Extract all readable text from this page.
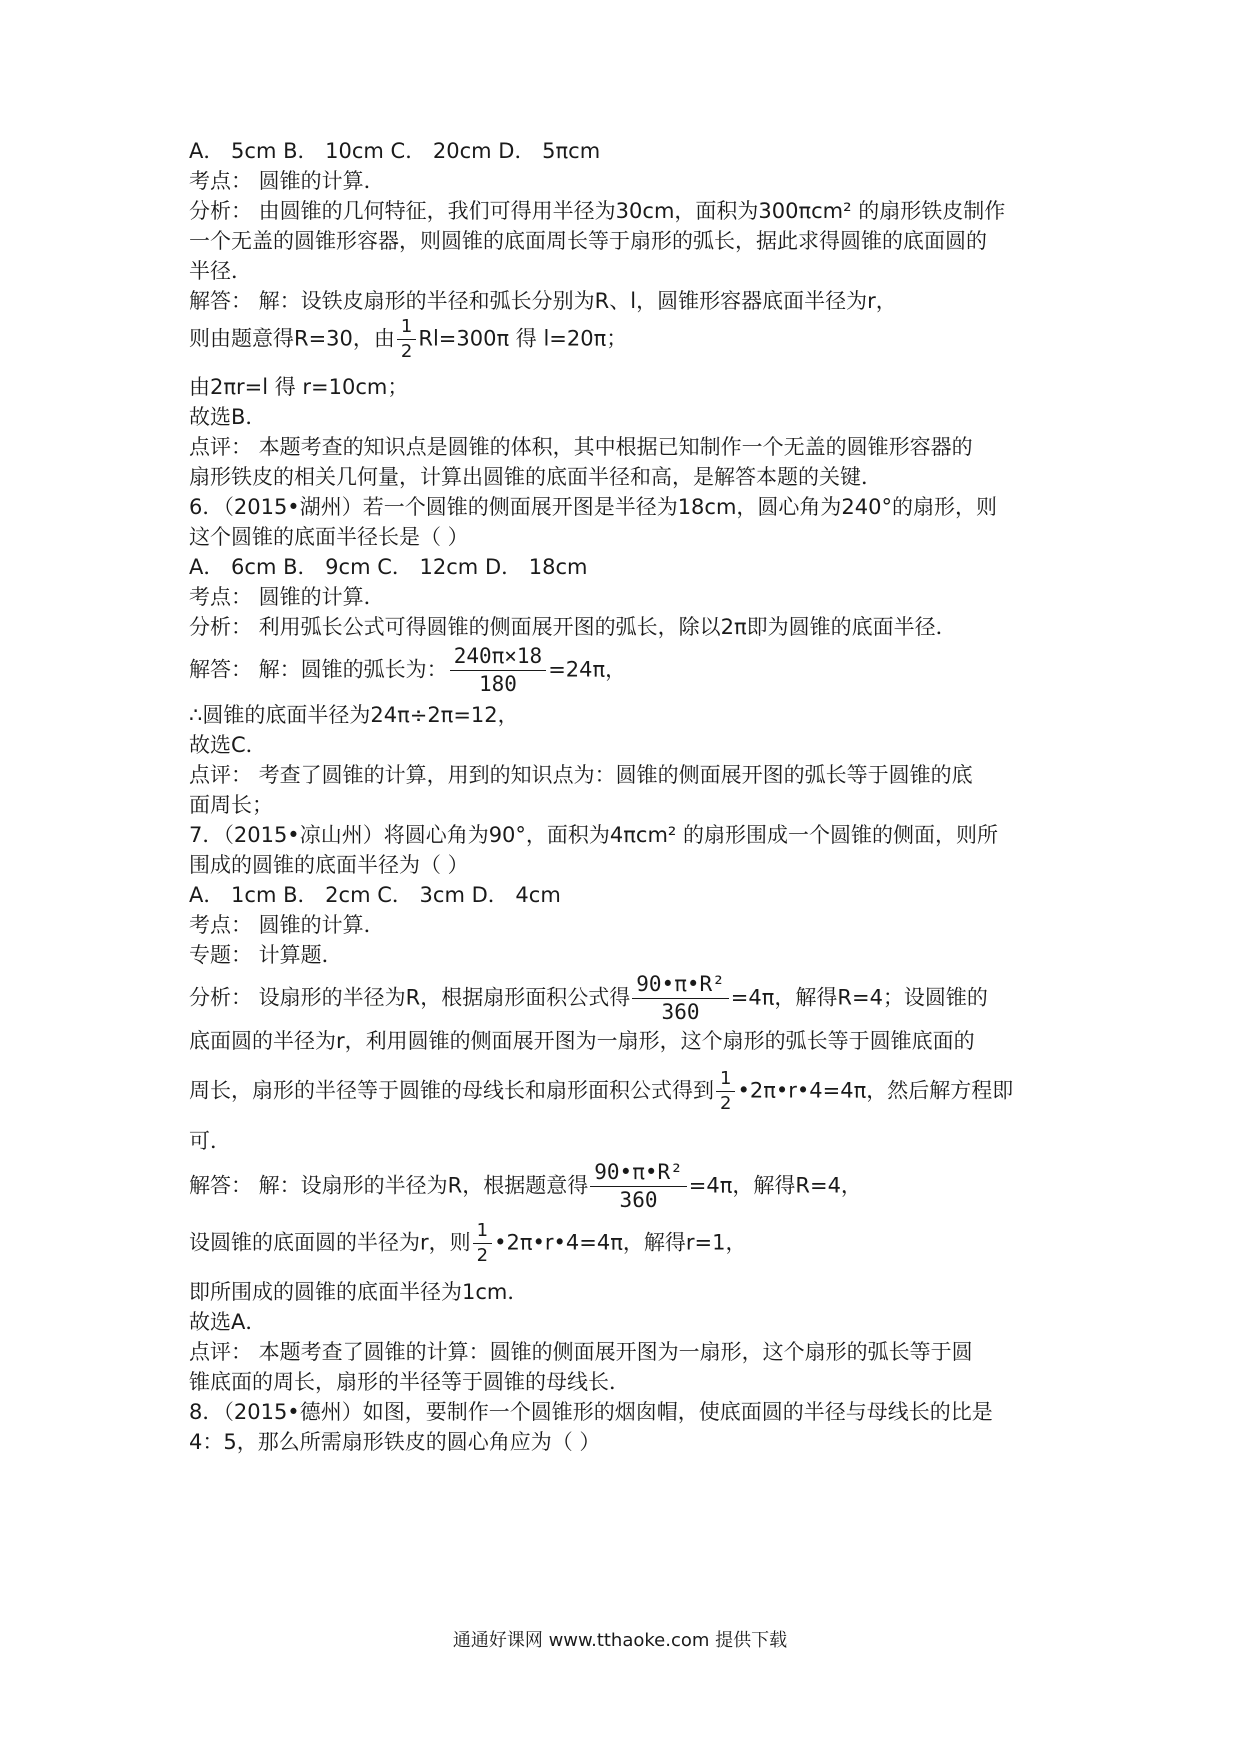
A． 5cm B． 10cm C． 20cm D． 5πcm
考点： 圆锥的计算．
分析： 由圆锥的几何特征，我们可得用半径为30cm，面积为300πcm² 的扇形铁皮制作
一个无盖的圆锥形容器，则圆锥的底面周长等于扇形的弧长，据此求得圆锥的底面圆的
半径．
解答： 解：设铁皮扇形的半径和弧长分别为R、l，圆锥形容器底面半径为r，
则由题意得R=30，由 $\frac{1}{2} Rl=300\pi$ 得 l=20π；
由2πr=l 得 r=10cm；
故选B．
点评： 本题考查的知识点是圆锥的体积，其中根据已知制作一个无盖的圆锥形容器的
扇形铁皮的相关几何量，计算出圆锥的底面半径和高，是解答本题的关键．
6．（2015•湖州）若一个圆锥的侧面展开图是半径为18cm，圆心角为240°的扇形，则
这个圆锥的底面半径长是（ ）
A． 6cm B． 9cm C． 12cm D． 18cm
考点： 圆锥的计算．
分析： 利用弧长公式可得圆锥的侧面展开图的弧长，除以2π即为圆锥的底面半径．
解答： 解：圆锥的弧长为： $\frac{240\pi\times 18}{180} =24\pi$，
∴圆锥的底面半径为24π÷2π=12，
故选C．
点评： 考查了圆锥的计算，用到的知识点为：圆锥的侧面展开图的弧长等于圆锥的底
面周长；
7．（2015•凉山州）将圆心角为90°，面积为4πcm² 的扇形围成一个圆锥的侧面，则所
围成的圆锥的底面半径为（ ）
A． 1cm B． 2cm C． 3cm D． 4cm
考点： 圆锥的计算．
专题： 计算题．
分析： 设扇形的半径为R，根据扇形面积公式得 $\frac{\text{90•π•R²}}{360} =4\pi$，解得R=4；设圆锥的
底面圆的半径为r，利用圆锥的侧面展开图为一扇形，这个扇形的弧长等于圆锥底面的
周长，扇形的半径等于圆锥的母线长和扇形面积公式得到 $\frac{1}{2}$ •2π•r•4=4π，然后解方程即
可．
解答： 解：设扇形的半径为R，根据题意得 $\frac{\text{90•π•R²}}{360} =4\pi$，解得R=4，
设圆锥的底面圆的半径为r，则 $\frac{1}{2}$ •2π•r•4=4π，解得r=1，
即所围成的圆锥的底面半径为1cm．
故选A．
点评： 本题考查了圆锥的计算：圆锥的侧面展开图为一扇形，这个扇形的弧长等于圆
锥底面的周长，扇形的半径等于圆锥的母线长．
8．（2015•德州）如图，要制作一个圆锥形的烟囱帽，使底面圆的半径与母线长的比是
4：5，那么所需扇形铁皮的圆心角应为（ ）
通通好课网 www.tthaoke.com 提供下载
